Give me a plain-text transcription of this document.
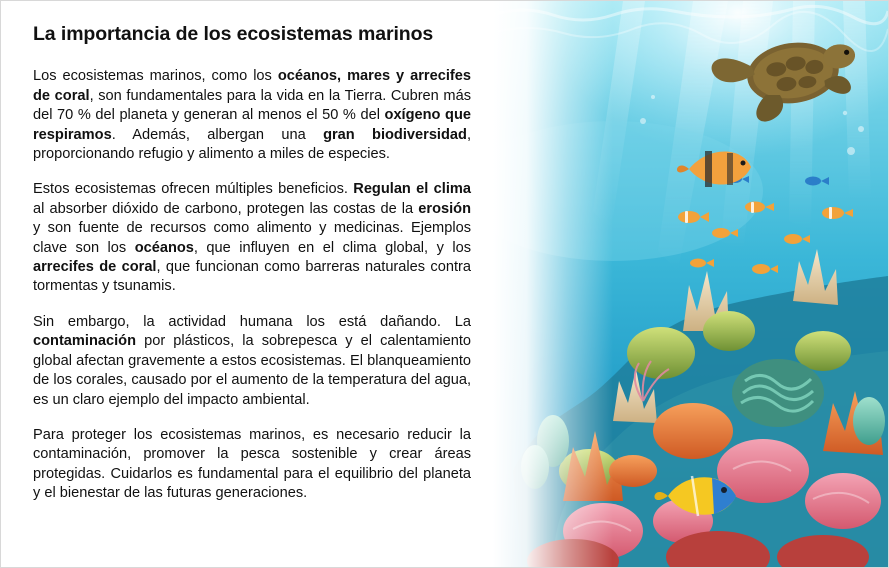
La importancia de los ecosistemas marinos

Los ecosistemas marinos, como los océanos, mares y arrecifes de coral, son fundamentales para la vida en la Tierra. Cubren más del 70 % del planeta y generan al menos el 50 % del oxígeno que respiramos. Además, albergan una gran biodiversidad, proporcionando refugio y alimento a miles de especies.

Estos ecosistemas ofrecen múltiples beneficios. Regulan el clima al absorber dióxido de carbono, protegen las costas de la erosión y son fuente de recursos como alimento y medicinas. Ejemplos clave son los océanos, que influyen en el clima global, y los arrecifes de coral, que funcionan como barreras naturales contra tormentas y tsunamis.

Sin embargo, la actividad humana los está dañando. La contaminación por plásticos, la sobrepesca y el calentamiento global afectan gravemente a estos ecosistemas. El blanqueamiento de los corales, causado por el aumento de la temperatura del agua, es un claro ejemplo del impacto ambiental.

Para proteger los ecosistemas marinos, es necesario reducir la contaminación, promover la pesca sostenible y crear áreas protegidas. Cuidarlos es fundamental para el equilibrio del planeta y el bienestar de las futuras generaciones.
